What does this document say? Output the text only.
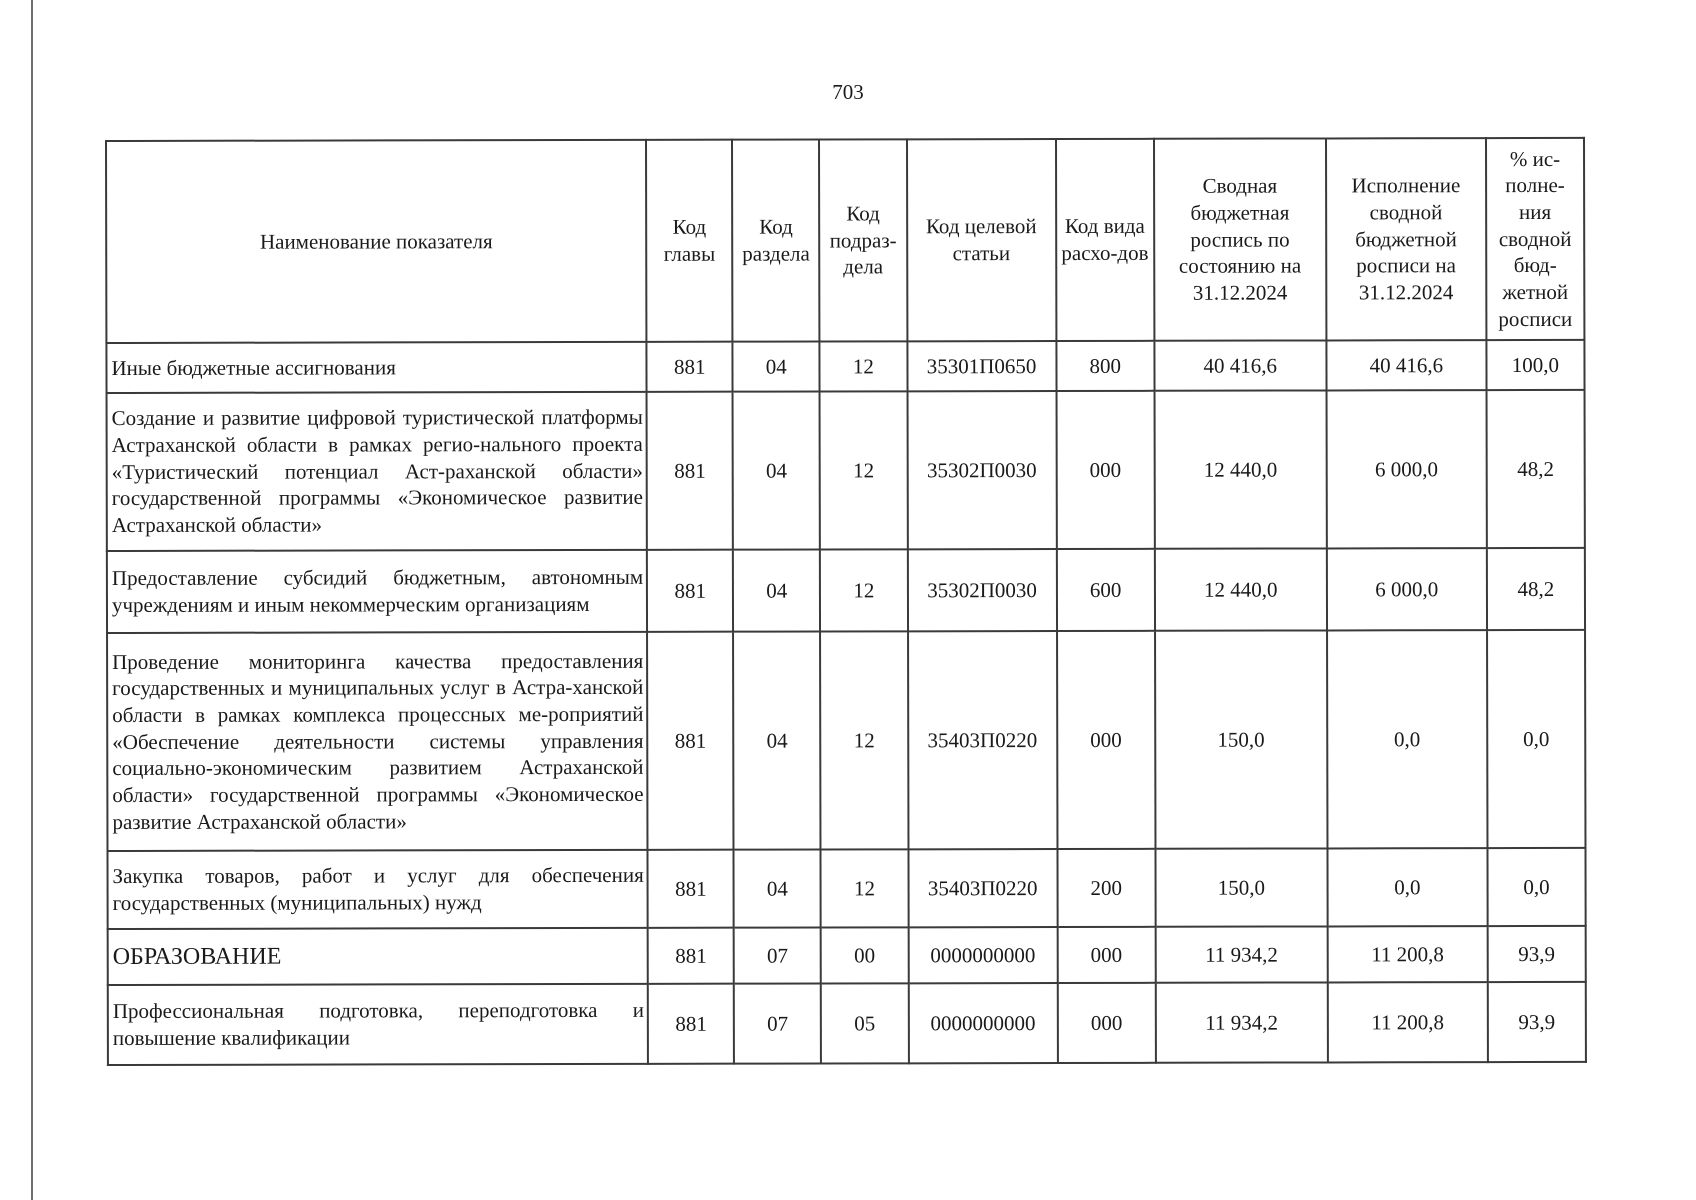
703
Наименование показателя	Код главы	Код раздела	Код подраз-дела	Код целевой статьи	Код вида расхо-дов	Сводная бюджетная роспись по состоянию на 31.12.2024	Исполнение сводной бюджетной росписи на 31.12.2024	% ис-полне-ния сводной бюд-жетной росписи
Иные бюджетные ассигнования	881	04	12	35301П0650	800	40 416,6	40 416,6	100,0
Создание и развитие цифровой туристической платформы Астраханской области в рамках регио-нального проекта «Туристический потенциал Аст-раханской области» государственной программы «Экономическое развитие Астраханской области»	881	04	12	35302П0030	000	12 440,0	6 000,0	48,2
Предоставление субсидий бюджетным, автономным учреждениям и иным некоммерческим организациям	881	04	12	35302П0030	600	12 440,0	6 000,0	48,2
Проведение мониторинга качества предоставления государственных и муниципальных услуг в Астра-ханской области в рамках комплекса процессных ме-роприятий «Обеспечение деятельности системы управления социально-экономическим развитием Астраханской области» государственной программы «Экономическое развитие Астраханской области»	881	04	12	35403П0220	000	150,0	0,0	0,0
Закупка товаров, работ и услуг для обеспечения государственных (муниципальных) нужд	881	04	12	35403П0220	200	150,0	0,0	0,0
ОБРАЗОВАНИЕ	881	07	00	0000000000	000	11 934,2	11 200,8	93,9
Профессиональная подготовка, переподготовка и повышение квалификации	881	07	05	0000000000	000	11 934,2	11 200,8	93,9
